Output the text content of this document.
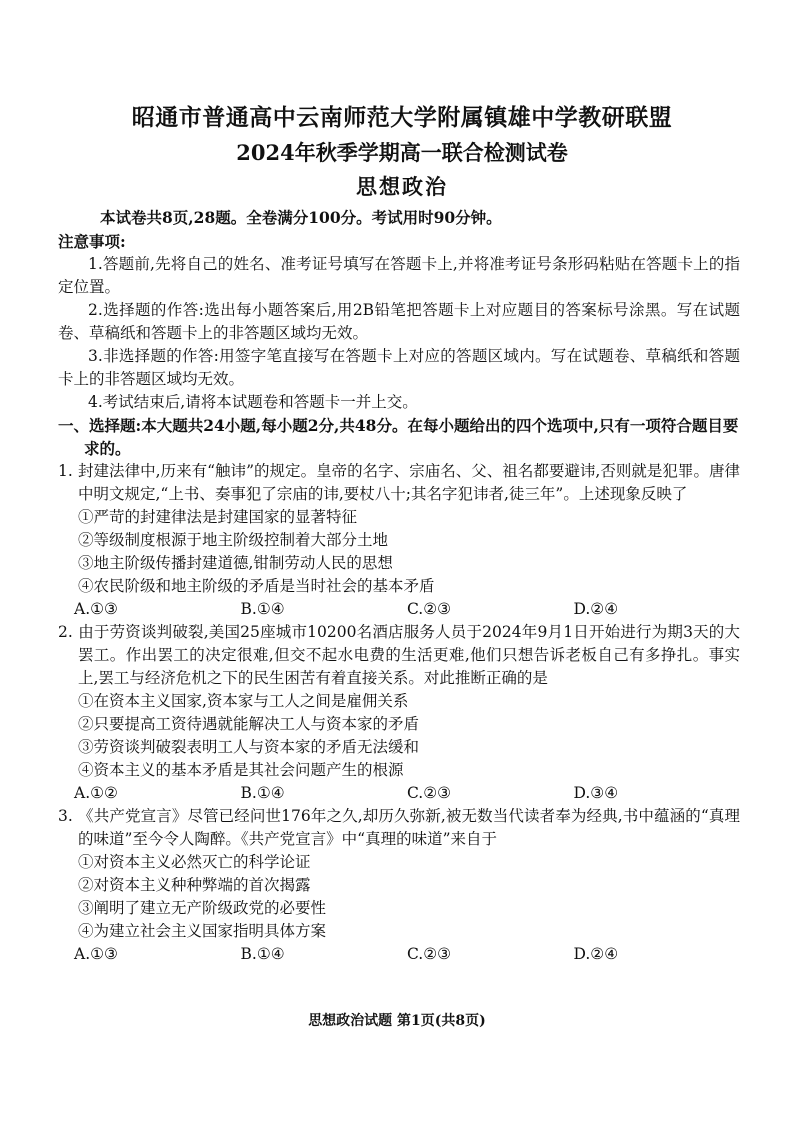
昭通市普通高中云南师范大学附属镇雄中学教研联盟
2024年秋季学期高一联合检测试卷
思想政治
本试卷共8页,28题。全卷满分100分。考试用时90分钟。
注意事项:
1.答题前,先将自己的姓名、准考证号填写在答题卡上,并将准考证号条形码粘贴在答题卡上的指定位置。
2.选择题的作答:选出每小题答案后,用2B铅笔把答题卡上对应题目的答案标号涂黑。写在试题卷、草稿纸和答题卡上的非答题区域均无效。
3.非选择题的作答:用签字笔直接写在答题卡上对应的答题区域内。写在试题卷、草稿纸和答题卡上的非答题区域均无效。
4.考试结束后,请将本试题卷和答题卡一并上交。
一、选择题:本大题共24小题,每小题2分,共48分。在每小题给出的四个选项中,只有一项符合题目要求的。
1. 封建法律中,历来有“触讳”的规定。皇帝的名字、宗庙名、父、祖名都要避讳,否则就是犯罪。唐律中明文规定,“上书、奏事犯了宗庙的讳,要杖八十;其名字犯讳者,徒三年”。上述现象反映了
①严苛的封建律法是封建国家的显著特征
②等级制度根源于地主阶级控制着大部分土地
③地主阶级传播封建道德,钳制劳动人民的思想
④农民阶级和地主阶级的矛盾是当时社会的基本矛盾
A.①③	B.①④	C.②③	D.②④
2. 由于劳资谈判破裂,美国25座城市10200名酒店服务人员于2024年9月1日开始进行为期3天的大罢工。作出罢工的决定很难,但交不起水电费的生活更难,他们只想告诉老板自己有多挣扎。事实上,罢工与经济危机之下的民生困苦有着直接关系。对此推断正确的是
①在资本主义国家,资本家与工人之间是雇佣关系
②只要提高工资待遇就能解决工人与资本家的矛盾
③劳资谈判破裂表明工人与资本家的矛盾无法缓和
④资本主义的基本矛盾是其社会问题产生的根源
A.①②	B.①④	C.②③	D.③④
3. 《共产党宣言》尽管已经问世176年之久,却历久弥新,被无数当代读者奉为经典,书中蕴涵的“真理的味道”至今令人陶醉。《共产党宣言》中“真理的味道”来自于
①对资本主义必然灭亡的科学论证
②对资本主义种种弊端的首次揭露
③阐明了建立无产阶级政党的必要性
④为建立社会主义国家指明具体方案
A.①③	B.①④	C.②③	D.②④
思想政治试题 第1页(共8页)
